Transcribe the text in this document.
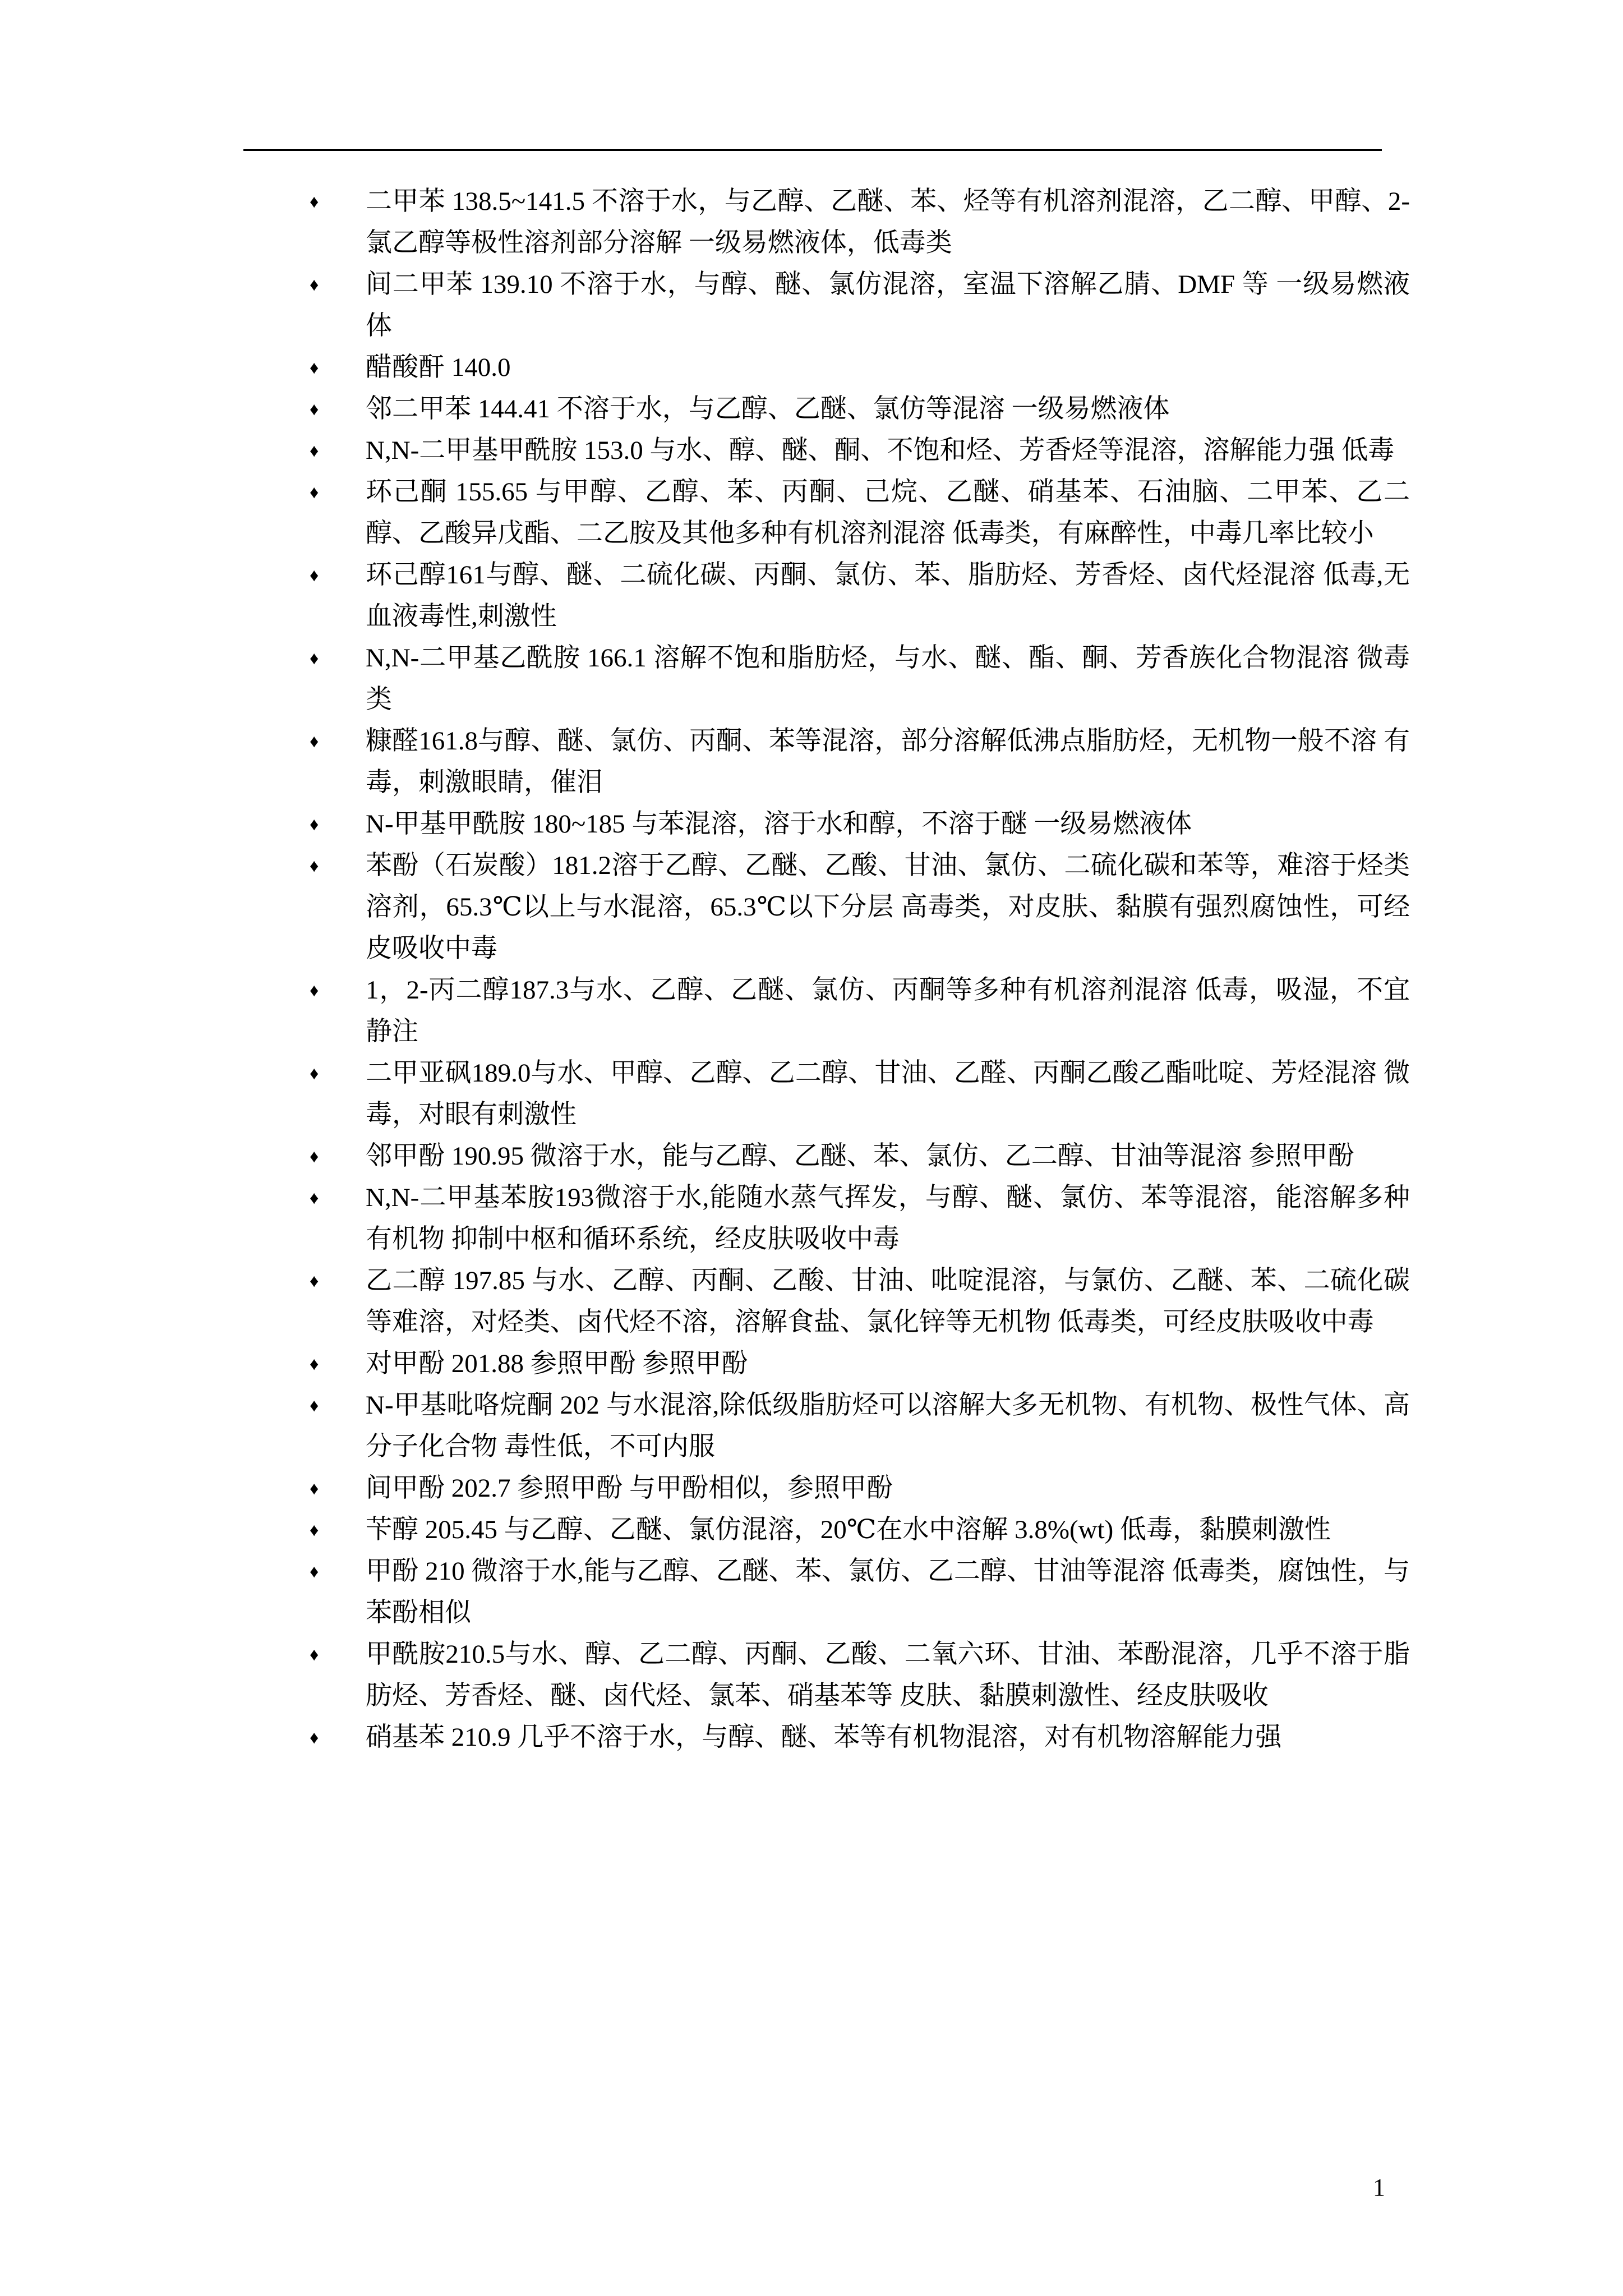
♦	二甲苯 138.5~141.5 不溶于水，与乙醇、乙醚、苯、烃等有机溶剂混溶，乙二醇、甲醇、2-氯乙醇等极性溶剂部分溶解 一级易燃液体，低毒类
♦	间二甲苯 139.10 不溶于水，与醇、醚、氯仿混溶，室温下溶解乙腈、DMF 等 一级易燃液体
♦	醋酸酐 140.0
♦	邻二甲苯 144.41 不溶于水，与乙醇、乙醚、氯仿等混溶 一级易燃液体
♦	N,N-二甲基甲酰胺 153.0 与水、醇、醚、酮、不饱和烃、芳香烃等混溶，溶解能力强 低毒
♦	环己酮 155.65 与甲醇、乙醇、苯、丙酮、己烷、乙醚、硝基苯、石油脑、二甲苯、乙二醇、乙酸异戊酯、二乙胺及其他多种有机溶剂混溶 低毒类，有麻醉性，中毒几率比较小
♦	环己醇161与醇、醚、二硫化碳、丙酮、氯仿、苯、脂肪烃、芳香烃、卤代烃混溶 低毒,无血液毒性,刺激性
♦	N,N-二甲基乙酰胺 166.1 溶解不饱和脂肪烃，与水、醚、酯、酮、芳香族化合物混溶 微毒类
♦	糠醛161.8与醇、醚、氯仿、丙酮、苯等混溶，部分溶解低沸点脂肪烃，无机物一般不溶 有毒，刺激眼睛，催泪
♦	N-甲基甲酰胺 180~185 与苯混溶，溶于水和醇，不溶于醚 一级易燃液体
♦	苯酚（石炭酸）181.2溶于乙醇、乙醚、乙酸、甘油、氯仿、二硫化碳和苯等，难溶于烃类溶剂，65.3℃以上与水混溶，65.3℃以下分层 高毒类，对皮肤、黏膜有强烈腐蚀性，可经皮吸收中毒
♦	1，2-丙二醇187.3与水、乙醇、乙醚、氯仿、丙酮等多种有机溶剂混溶 低毒，吸湿，不宜静注
♦	二甲亚砜189.0与水、甲醇、乙醇、乙二醇、甘油、乙醛、丙酮乙酸乙酯吡啶、芳烃混溶 微毒，对眼有刺激性
♦	邻甲酚 190.95 微溶于水，能与乙醇、乙醚、苯、氯仿、乙二醇、甘油等混溶 参照甲酚
♦	N,N-二甲基苯胺193微溶于水,能随水蒸气挥发，与醇、醚、氯仿、苯等混溶，能溶解多种有机物 抑制中枢和循环系统，经皮肤吸收中毒
♦	乙二醇 197.85 与水、乙醇、丙酮、乙酸、甘油、吡啶混溶，与氯仿、乙醚、苯、二硫化碳等难溶，对烃类、卤代烃不溶，溶解食盐、氯化锌等无机物 低毒类，可经皮肤吸收中毒
♦	对甲酚 201.88 参照甲酚 参照甲酚
♦	N-甲基吡咯烷酮 202 与水混溶,除低级脂肪烃可以溶解大多无机物、有机物、极性气体、高分子化合物 毒性低，不可内服
♦	间甲酚 202.7 参照甲酚 与甲酚相似，参照甲酚
♦	苄醇 205.45 与乙醇、乙醚、氯仿混溶，20℃在水中溶解 3.8%(wt) 低毒，黏膜刺激性
♦	甲酚 210 微溶于水,能与乙醇、乙醚、苯、氯仿、乙二醇、甘油等混溶 低毒类，腐蚀性，与苯酚相似
♦	甲酰胺210.5与水、醇、乙二醇、丙酮、乙酸、二氧六环、甘油、苯酚混溶，几乎不溶于脂肪烃、芳香烃、醚、卤代烃、氯苯、硝基苯等 皮肤、黏膜刺激性、经皮肤吸收
♦	硝基苯 210.9 几乎不溶于水，与醇、醚、苯等有机物混溶，对有机物溶解能力强
1
